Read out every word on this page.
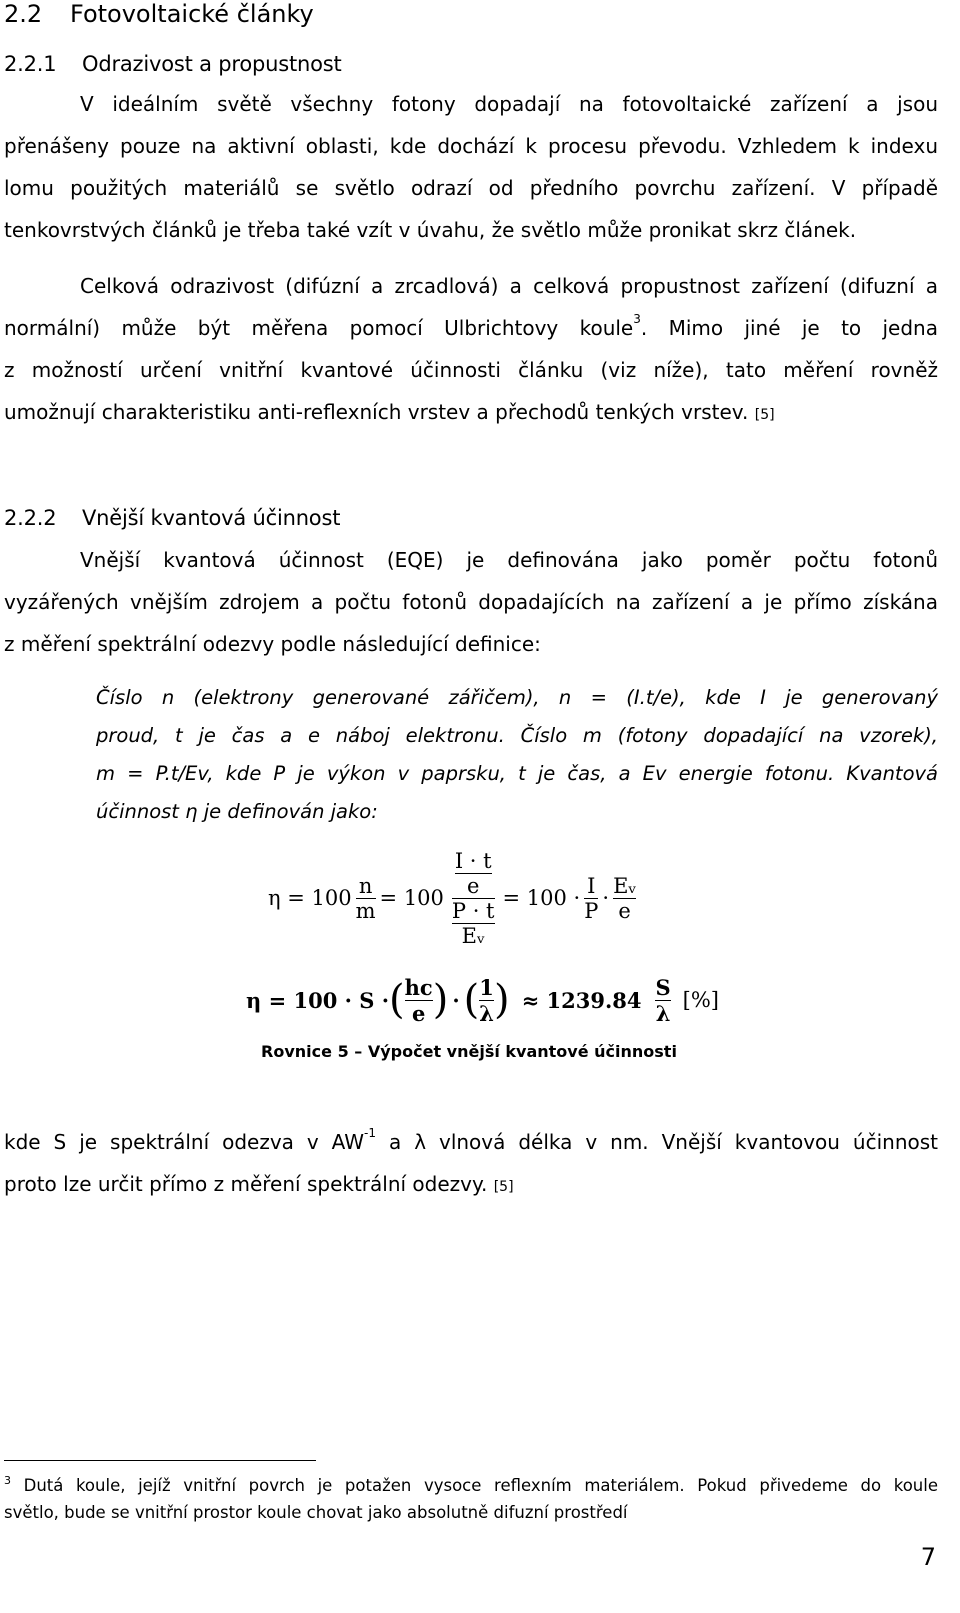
2.2 Fotovoltaické články
2.2.1 Odrazivost a propustnost
V ideálním světě všechny fotony dopadají na fotovoltaické zařízení a jsou
přenášeny pouze na aktivní oblasti, kde dochází k procesu převodu. Vzhledem k indexu
lomu použitých materiálů se světlo odrazí od předního povrchu zařízení. V případě
tenkovrstvých článků je třeba také vzít v úvahu, že světlo může pronikat skrz článek.
Celková odrazivost (difúzní a zrcadlová) a celková propustnost zařízení (difuzní a
normální) může být měřena pomocí Ulbrichtovy koule$^3$. Mimo jiné je to jedna
z možností určení vnitřní kvantové účinnosti článku (viz níže), tato měření rovněž
umožnují charakteristiku anti-reflexních vrstev a přechodů tenkých vrstev. [5]
2.2.2 Vnější kvantová účinnost
Vnější kvantová účinnost (EQE) je definována jako poměr počtu fotonů
vyzářených vnějším zdrojem a počtu fotonů dopadajících na zařízení a je přímo získána
z měření spektrální odezvy podle následující definice:
Číslo n (elektrony generované zářičem), n = (I.t/e), kde I je generovaný
proud, t je čas a e náboj elektronu. Číslo m (fotony dopadající na vzorek),
m = P.t/Ev, kde P je výkon v paprsku, t je čas, a Ev energie fotonu. Kvantová
účinnost η je definován jako:
$\eta = 100 \frac{n}{m} = 100 \frac{\frac{I \cdot t}{e}}{\frac{P \cdot t}{\text{Eᵥ}}} = 100 \cdot \frac{I}{P} \cdot \frac{\text{Eᵥ}}{e}$
η = 100 · S · ( $\frac{hc}{e}$ ) · ( $\frac{1}{\lambda}$ ) ≈ $1239.84 \frac{S}{\lambda}$ [%]
Rovnice 5 – Výpočet vnější kvantové účinnosti
kde S je spektrální odezva v $AW^{-1}$ a λ vlnová délka v nm. Vnější kvantovou účinnost
proto lze určit přímo z měření spektrální odezvy. [5]
$^3$ Dutá koule, jejíž vnitřní povrch je potažen vysoce reflexním materiálem. Pokud přivedeme do koule
světlo, bude se vnitřní prostor koule chovat jako absolutně difuzní prostředí
7
